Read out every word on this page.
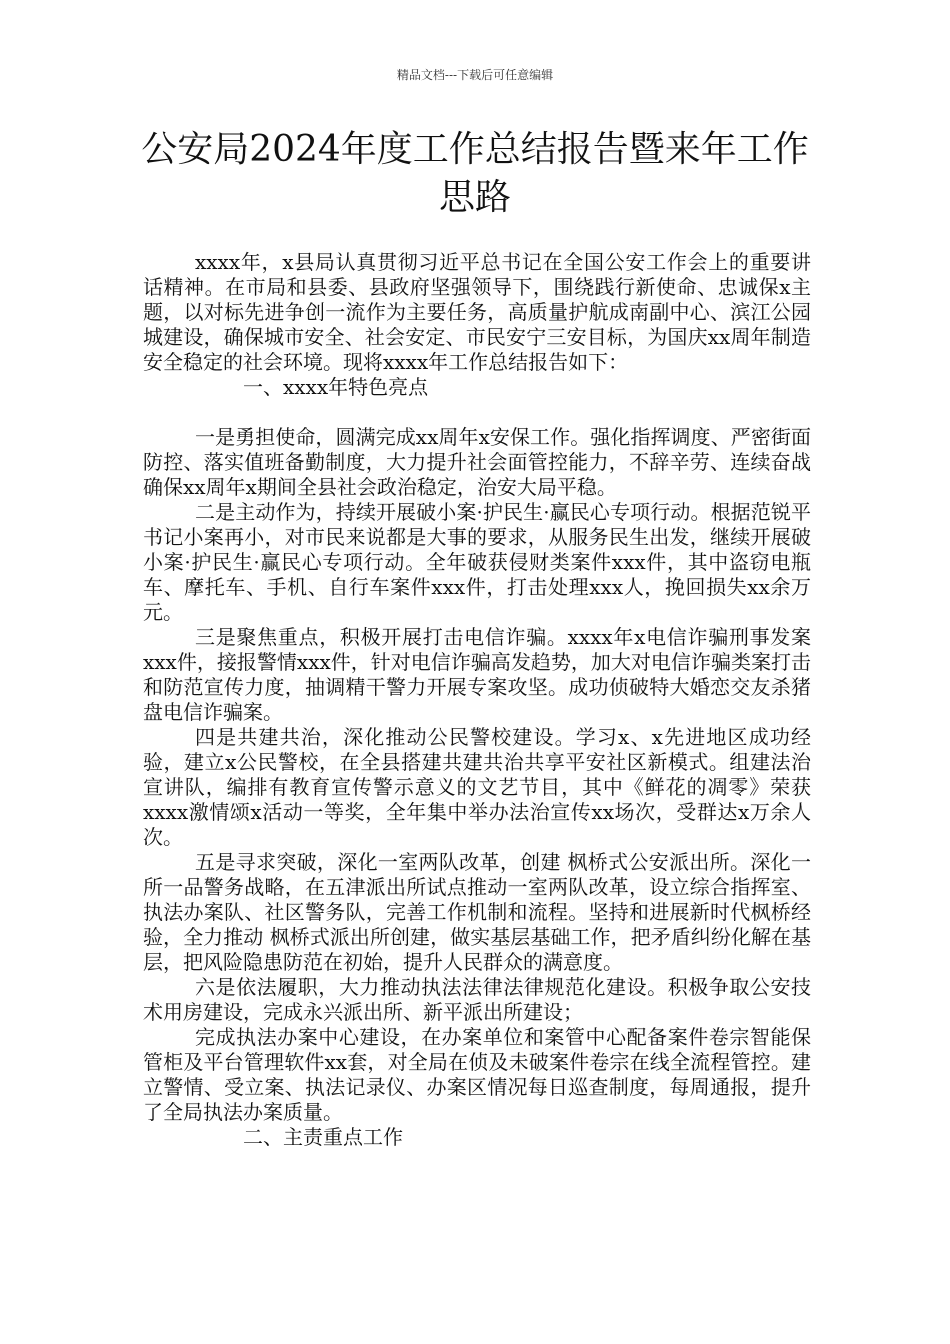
精品文档---下载后可任意编辑
公安局2024年度工作总结报告暨来年工作思路

xxxx年，x县局认真贯彻习近平总书记在全国公安工作会上的重要讲话精神。在市局和县委、县政府坚强领导下，围绕践行新使命、忠诚保x主题，以对标先进争创一流作为主要任务，高质量护航成南副中心、滨江公园城建设，确保城市安全、社会安定、市民安宁三安目标，为国庆xx周年制造安全稳定的社会环境。现将xxxx年工作总结报告如下：

一、xxxx年特色亮点

一是勇担使命，圆满完成xx周年x安保工作。强化指挥调度、严密街面防控、落实值班备勤制度，大力提升社会面管控能力，不辞辛劳、连续奋战确保xx周年x期间全县社会政治稳定，治安大局平稳。

二是主动作为，持续开展破小案·护民生·赢民心专项行动。根据范锐平书记小案再小，对市民来说都是大事的要求，从服务民生出发，继续开展破小案·护民生·赢民心专项行动。全年破获侵财类案件xxx件，其中盗窃电瓶车、摩托车、手机、自行车案件xxx件，打击处理xxx人，挽回损失xx余万元。

三是聚焦重点，积极开展打击电信诈骗。xxxx年x电信诈骗刑事发案xxx件，接报警情xxx件，针对电信诈骗高发趋势，加大对电信诈骗类案打击和防范宣传力度，抽调精干警力开展专案攻坚。成功侦破特大婚恋交友杀猪盘电信诈骗案。

四是共建共治，深化推动公民警校建设。学习x、x先进地区成功经验，建立x公民警校，在全县搭建共建共治共享平安社区新模式。组建法治宣讲队，编排有教育宣传警示意义的文艺节目，其中《鲜花的凋零》荣获xxxx激情颂x活动一等奖，全年集中举办法治宣传xx场次，受群达x万余人次。

五是寻求突破，深化一室两队改革，创建 枫桥式公安派出所。深化一所一品警务战略，在五津派出所试点推动一室两队改革，设立综合指挥室、执法办案队、社区警务队，完善工作机制和流程。坚持和进展新时代枫桥经验，全力推动 枫桥式派出所创建，做实基层基础工作，把矛盾纠纷化解在基层，把风险隐患防范在初始，提升人民群众的满意度。

六是依法履职，大力推动执法法律法律规范化建设。积极争取公安技术用房建设，完成永兴派出所、新平派出所建设；

完成执法办案中心建设，在办案单位和案管中心配备案件卷宗智能保管柜及平台管理软件xx套，对全局在侦及未破案件卷宗在线全流程管控。建立警情、受立案、执法记录仪、办案区情况每日巡查制度，每周通报，提升了全局执法办案质量。

二、主责重点工作
